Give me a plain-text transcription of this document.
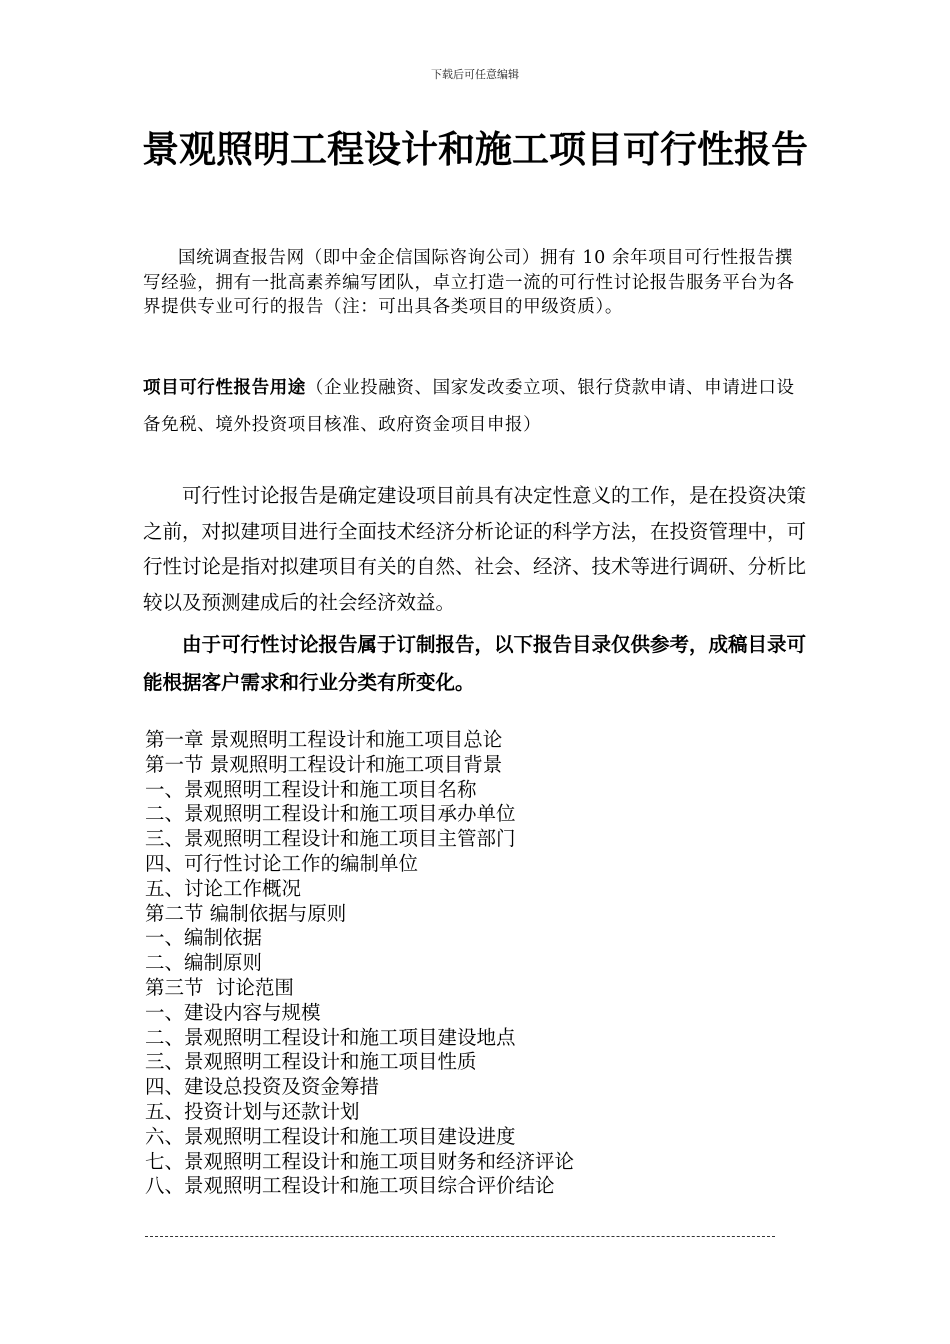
下载后可任意编辑
景观照明工程设计和施工项目可行性报告

国统调查报告网（即中金企信国际咨询公司）拥有 10 余年项目可行性报告撰写经验，拥有一批高素养编写团队，卓立打造一流的可行性讨论报告服务平台为各界提供专业可行的报告（注：可出具各类项目的甲级资质）。

项目可行性报告用途（企业投融资、国家发改委立项、银行贷款申请、申请进口设备免税、境外投资项目核准、政府资金项目申报）

可行性讨论报告是确定建设项目前具有决定性意义的工作，是在投资决策之前，对拟建项目进行全面技术经济分析论证的科学方法，在投资管理中，可行性讨论是指对拟建项目有关的自然、社会、经济、技术等进行调研、分析比较以及预测建成后的社会经济效益。

由于可行性讨论报告属于订制报告，以下报告目录仅供参考，成稿目录可能根据客户需求和行业分类有所变化。

第一章 景观照明工程设计和施工项目总论
第一节 景观照明工程设计和施工项目背景
一、景观照明工程设计和施工项目名称
二、景观照明工程设计和施工项目承办单位
三、景观照明工程设计和施工项目主管部门
四、可行性讨论工作的编制单位
五、讨论工作概况
第二节 编制依据与原则
一、编制依据
二、编制原则
第三节  讨论范围
一、建设内容与规模
二、景观照明工程设计和施工项目建设地点
三、景观照明工程设计和施工项目性质
四、建设总投资及资金筹措
五、投资计划与还款计划
六、景观照明工程设计和施工项目建设进度
七、景观照明工程设计和施工项目财务和经济评论
八、景观照明工程设计和施工项目综合评价结论
